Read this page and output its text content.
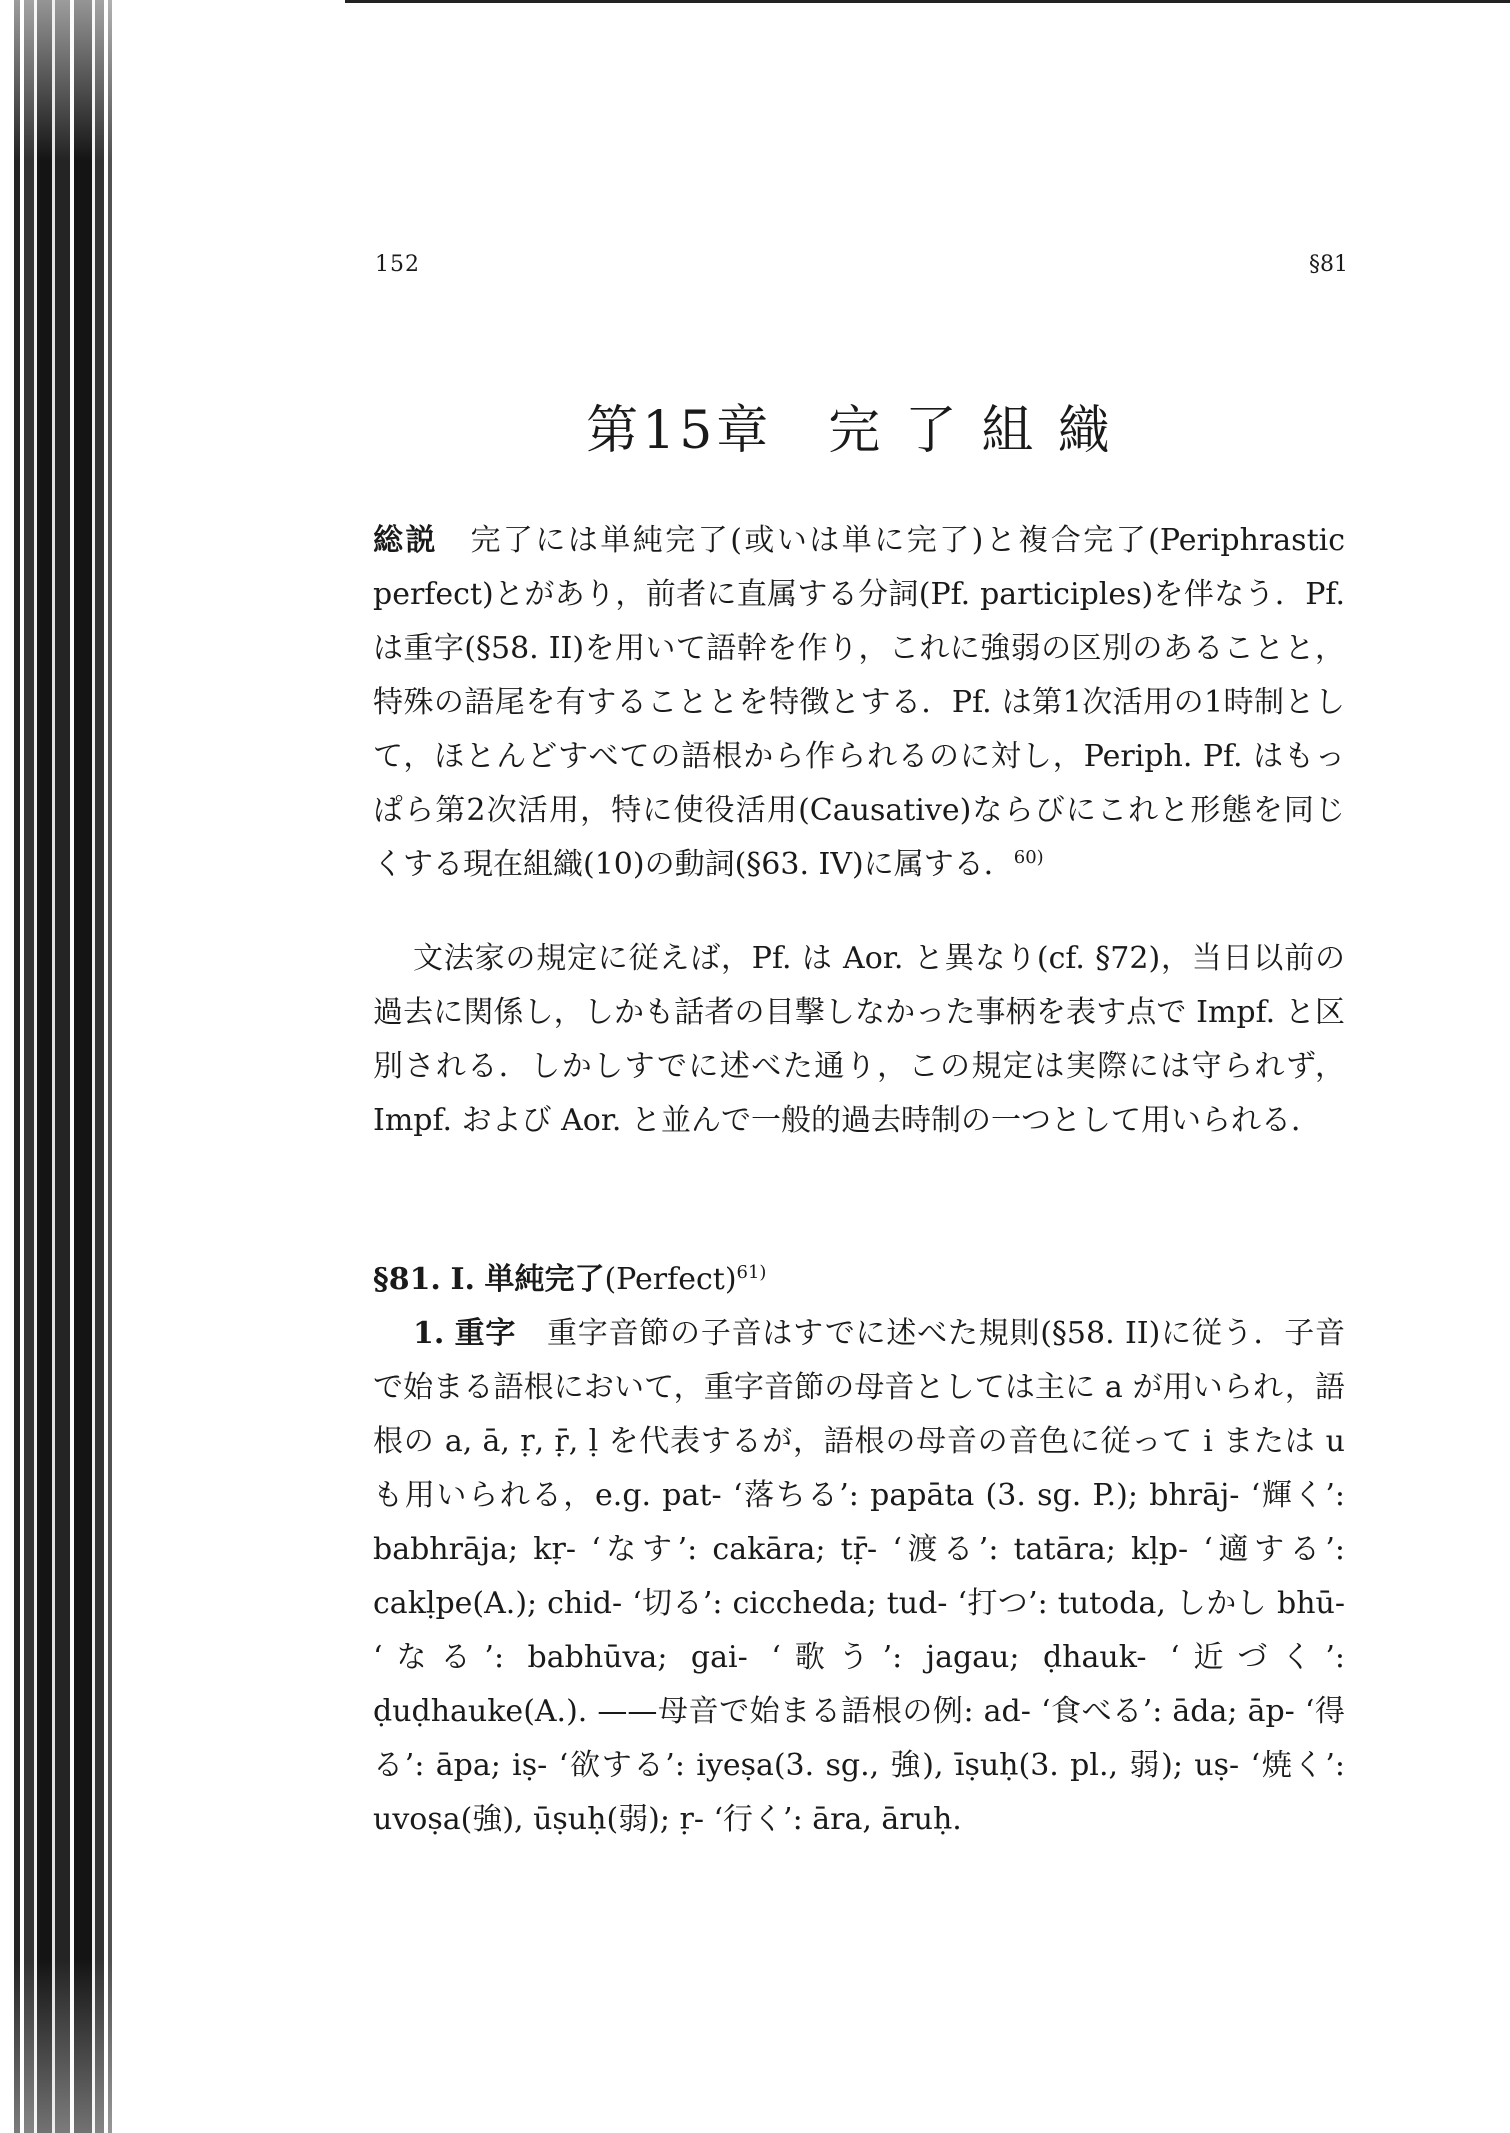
152	§81
第15章　完 了 組 織

総説　 完了には単純完了(或いは単に完了)と複合完了(Periphrastic perfect)とがあり，前者に直属する分詞(Pf. participles)を伴なう．Pf. は重字(§58. II)を用いて語幹を作り，これに強弱の区別のあることと，特殊の語尾を有することとを特徴とする．Pf. は第1次活用の1時制として，ほとんどすべての語根から作られるのに対し，Periph. Pf. はもっぱら第2次活用，特に使役活用(Causative)ならびにこれと形態を同じくする現在組織(10)の動詞(§63. IV)に属する．$^{60)}$

文法家の規定に従えば，Pf. は Aor. と異なり(cf. §72)，当日以前の過去に関係し，しかも話者の目撃しなかった事柄を表す点で Impf. と区別される．しかしすでに述べた通り，この規定は実際には守られず，Impf. および Aor. と並んで一般的過去時制の一つとして用いられる．

§81. I. 単純完了(Perfect)$^{61)}$

1. 重字　 重字音節の子音はすでに述べた規則(§58. II)に従う．子音で始まる語根において，重字音節の母音としては主に a が用いられ，語根の a, ā, ṛ, ṝ, ḷ を代表するが，語根の母音の音色に従って i または u も用いられる，e.g. pat- ‘落ちる’: papāta (3. sg. P.); bhrāj- ‘輝く’: babhrāja; kṛ- ‘なす’: cakāra; tṝ- ‘渡る’: tatāra; kḷp- ‘適する’: cakḷpe(A.); chid- ‘切る’: ciccheda; tud- ‘打つ’: tutoda, しかし bhū- ‘なる’: babhūva; gai- ‘歌う’: jagau; ḍhauk- ‘近づく’: ḍuḍhauke(A.). ——母音で始まる語根の例: ad- ‘食べる’: āda; āp- ‘得る’: āpa; iṣ- ‘欲する’: iyeṣa(3. sg., 強), īṣuḥ(3. pl., 弱); uṣ- ‘焼く’: uvoṣa(強), ūṣuḥ(弱); ṛ- ‘行く’: āra, āruḥ.
